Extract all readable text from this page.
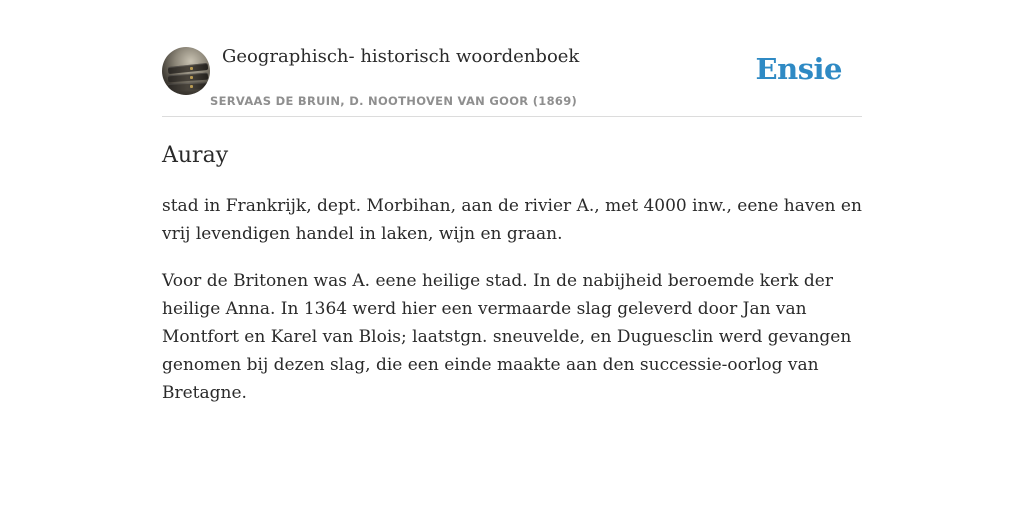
Geographisch- historisch woordenboek
SERVAAS DE BRUIN, D. NOOTHOVEN VAN GOOR (1869)
Ensie
Auray

stad in Frankrijk, dept. Morbihan, aan de rivier A., met 4000 inw., eene haven en vrij levendigen handel in laken, wijn en graan.

Voor de Britonen was A. eene heilige stad. In de nabijheid beroemde kerk der heilige Anna. In 1364 werd hier een vermaarde slag geleverd door Jan van Montfort en Karel van Blois; laatstgn. sneuvelde, en Duguesclin werd gevangen genomen bij dezen slag, die een einde maakte aan den successie-oorlog van Bretagne.
